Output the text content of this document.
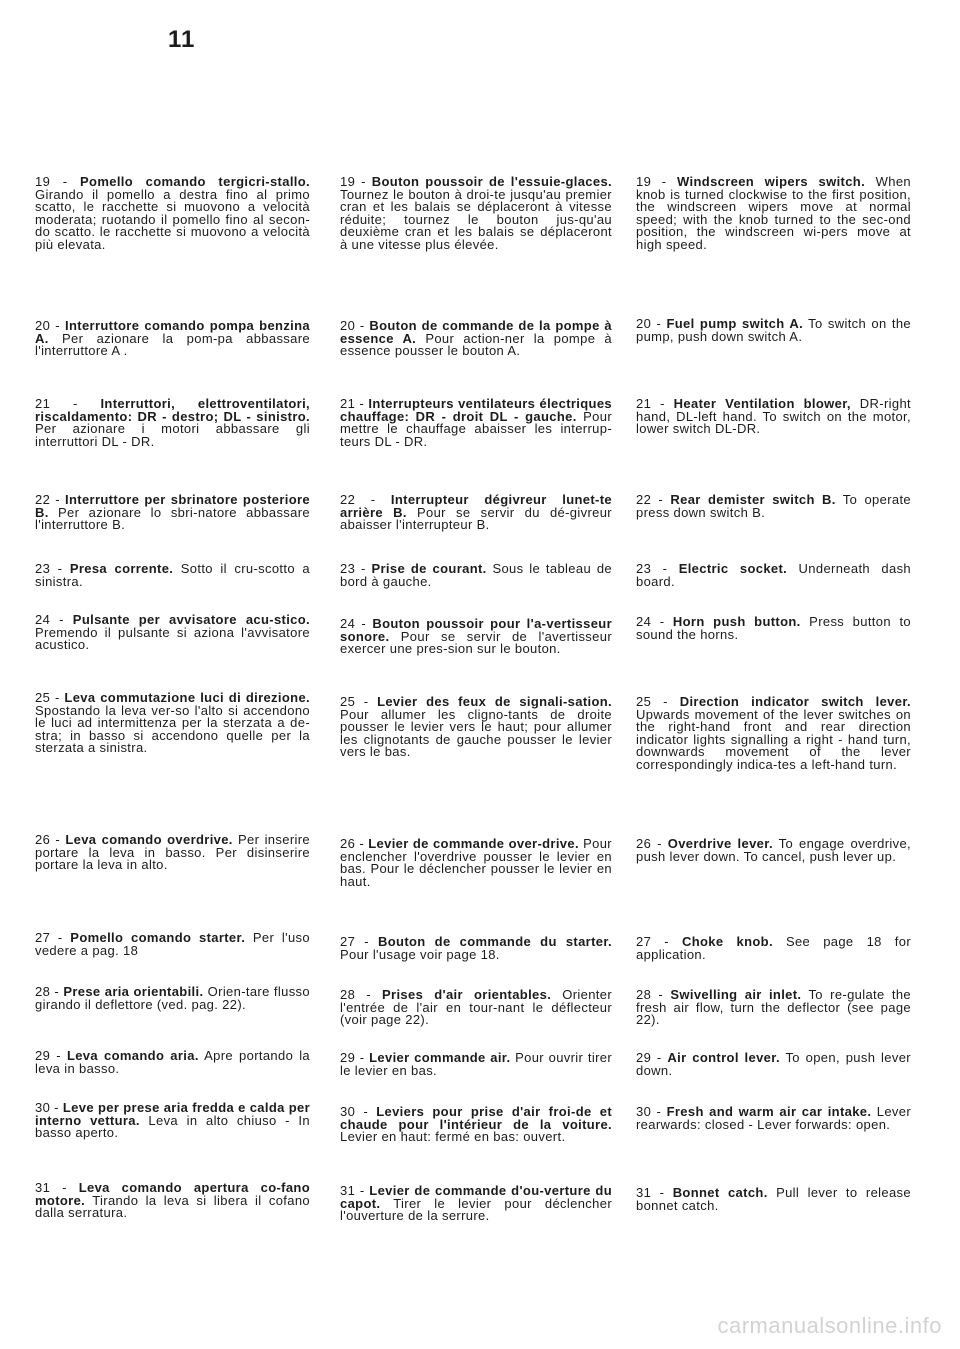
11
19 - Pomello comando tergicri-stallo. Girando il pomello a destra fino al primo scatto, le racchette si muovono a velocità moderata; ruotando il pomello fino al secon-do scatto. le racchette si muovono a velocità più elevata.
20 - Interruttore comando pompa benzina A. Per azionare la pom-pa abbassare l'interruttore A .
21 - Interruttori, elettroventilatori, riscaldamento: DR - destro; DL - sinistro. Per azionare i motori abbassare gli interruttori DL - DR.
22 - Interruttore per sbrinatore posteriore B. Per azionare lo sbri-natore abbassare l'interruttore B.
23 - Presa corrente. Sotto il cru-scotto a sinistra.
24 - Pulsante per avvisatore acu-stico. Premendo il pulsante si aziona l'avvisatore acustico.
25 - Leva commutazione luci di direzione. Spostando la leva ver-so l'alto si accendono le luci ad intermittenza per la sterzata a de-stra; in basso si accendono quelle per la sterzata a sinistra.
26 - Leva comando overdrive. Per inserire portare la leva in basso. Per disinserire portare la leva in alto.
27 - Pomello comando starter. Per l'uso vedere a pag. 18
28 - Prese aria orientabili. Orien-tare flusso girando il deflettore (ved. pag. 22).
29 - Leva comando aria. Apre portando la leva in basso.
30 - Leve per prese aria fredda e calda per interno vettura. Leva in alto chiuso - In basso aperto.
31 - Leva comando apertura co-fano motore. Tirando la leva si libera il cofano dalla serratura.
19 - Bouton poussoir de l'essuie-glaces. Tournez le bouton à droi-te jusqu'au premier cran et les balais se déplaceront à vitesse réduite; tournez le bouton jus-qu'au deuxième cran et les balais se déplaceront à une vitesse plus élevée.
20 - Bouton de commande de la pompe à essence A. Pour action-ner la pompe à essence pousser le bouton A.
21 - Interrupteurs ventilateurs électriques chauffage: DR - droit DL - gauche. Pour mettre le chauffage abaisser les interrup-teurs DL - DR.
22 - Interrupteur dégivreur lunet-te arrière B. Pour se servir du dé-givreur abaisser l'interrupteur B.
23 - Prise de courant. Sous le tableau de bord à gauche.
24 - Bouton poussoir pour l'a-vertisseur sonore. Pour se servir de l'avertisseur exercer une pres-sion sur le bouton.
25 - Levier des feux de signali-sation. Pour allumer les cligno-tants de droite pousser le levier vers le haut; pour allumer les clignotants de gauche pousser le levier vers le bas.
26 - Levier de commande over-drive. Pour enclencher l'overdrive pousser le levier en bas. Pour le déclencher pousser le levier en haut.
27 - Bouton de commande du starter. Pour l'usage voir page 18.
28 - Prises d'air orientables. Orienter l'entrée de l'air en tour-nant le déflecteur (voir page 22).
29 - Levier commande air. Pour ouvrir tirer le levier en bas.
30 - Leviers pour prise d'air froi-de et chaude pour l'intérieur de la voiture. Levier en haut: fermé en bas: ouvert.
31 - Levier de commande d'ou-verture du capot. Tirer le levier pour déclencher l'ouverture de la serrure.
19 - Windscreen wipers switch. When knob is turned clockwise to the first position, the windscreen wipers move at normal speed; with the knob turned to the sec-ond position, the windscreen wi-pers move at high speed.
20 - Fuel pump switch A. To switch on the pump, push down switch A.
21 - Heater Ventilation blower, DR-right hand, DL-left hand. To switch on the motor, lower switch DL-DR.
22 - Rear demister switch B. To operate press down switch B.
23 - Electric socket. Underneath dash board.
24 - Horn push button. Press button to sound the horns.
25 - Direction indicator switch lever. Upwards movement of the lever switches on the right-hand front and rear direction indicator lights signalling a right - hand turn, downwards movement of the lever correspondingly indica-tes a left-hand turn.
26 - Overdrive lever. To engage overdrive, push lever down. To cancel, push lever up.
27 - Choke knob. See page 18 for application.
28 - Swivelling air inlet. To re-gulate the fresh air flow, turn the deflector (see page 22).
29 - Air control lever. To open, push lever down.
30 - Fresh and warm air car intake. Lever rearwards: closed - Lever forwards: open.
31 - Bonnet catch. Pull lever to release bonnet catch.
carmanualsonline.info
